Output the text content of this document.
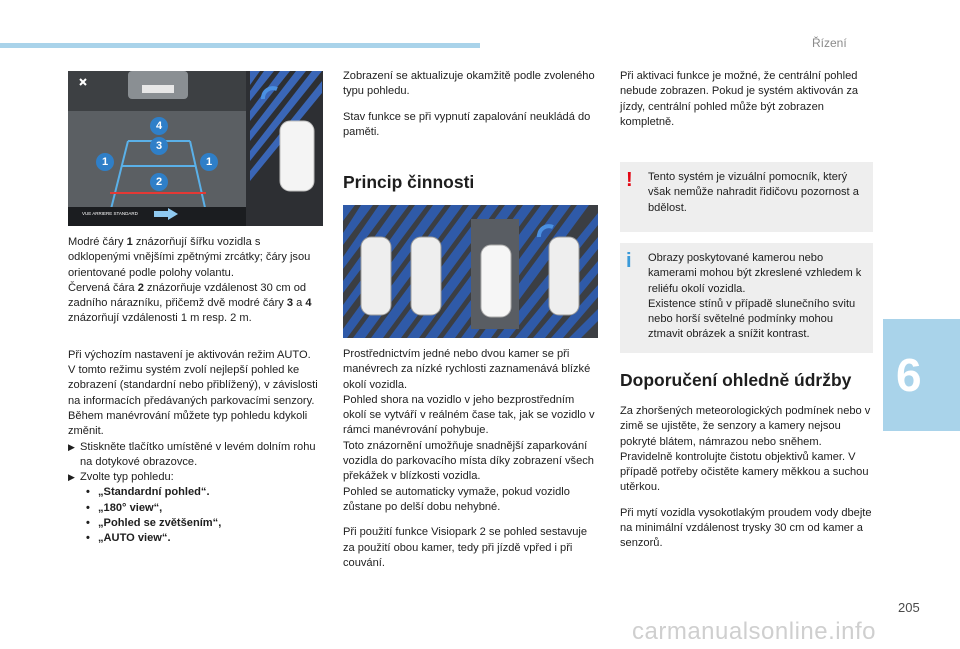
Řízení
6
205
carmanualsonline.info
VUE ARRIERE STANDARD
1	1
2
3
4

Modré čáry 1 znázorňují šířku vozidla s odklopenými vnějšími zpětnými zrcátky; čáry jsou orientované podle polohy volantu.
Červená čára 2 znázorňuje vzdálenost 30 cm od zadního nárazníku, přičemž dvě modré čáry 3 a 4 znázorňují vzdálenosti 1 m resp. 2 m.

Při výchozím nastavení je aktivován režim AUTO.

V tomto režimu systém zvolí nejlepší pohled ke zobrazení (standardní nebo přiblížený), v závislosti na informacích předávaných parkovacími senzory.

Během manévrování můžete typ pohledu kdykoli změnit.

▶ Stiskněte tlačítko umístěné v levém dolním rohu na dotykové obrazovce.
▶ Zvolte typ pohledu:
• „Standardní pohled“.
• „180° view“,
• „Pohled se zvětšením“,
• „AUTO view“.

Zobrazení se aktualizuje okamžitě podle zvoleného typu pohledu.

Stav funkce se při vypnutí zapalování neukládá do paměti.

Princip činnosti

Prostřednictvím jedné nebo dvou kamer se při manévrech za nízké rychlosti zaznamenává blízké okolí vozidla.

Pohled shora na vozidlo v jeho bezprostředním okolí se vytváří v reálném čase tak, jak se vozidlo v rámci manévrování pohybuje.

Toto znázornění umožňuje snadnější zaparkování vozidla do parkovacího místa díky zobrazení všech překážek v blízkosti vozidla.

Pohled se automaticky vymaže, pokud vozidlo zůstane po delší dobu nehybné.

Při použití funkce Visiopark 2 se pohled sestavuje za použití obou kamer, tedy při jízdě vpřed i při couvání.

Při aktivaci funkce je možné, že centrální pohled nebude zobrazen. Pokud je systém aktivován za jízdy, centrální pohled může být zobrazen kompletně.

! Tento systém je vizuální pomocník, který však nemůže nahradit řidičovu pozornost a bdělost.
i Obrazy poskytované kamerou nebo kamerami mohou být zkreslené vzhledem k reliéfu okolí vozidla.
Existence stínů v případě slunečního svitu nebo horší světelné podmínky mohou ztmavit obrázek a snížit kontrast.
Doporučení ohledně údržby

Za zhoršených meteorologických podmínek nebo v zimě se ujistěte, že senzory a kamery nejsou pokryté blátem, námrazou nebo sněhem.

Pravidelně kontrolujte čistotu objektivů kamer. V případě potřeby očistěte kamery měkkou a suchou utěrkou.

Při mytí vozidla vysokotlakým proudem vody dbejte na minimální vzdálenost trysky 30 cm od kamer a senzorů.
